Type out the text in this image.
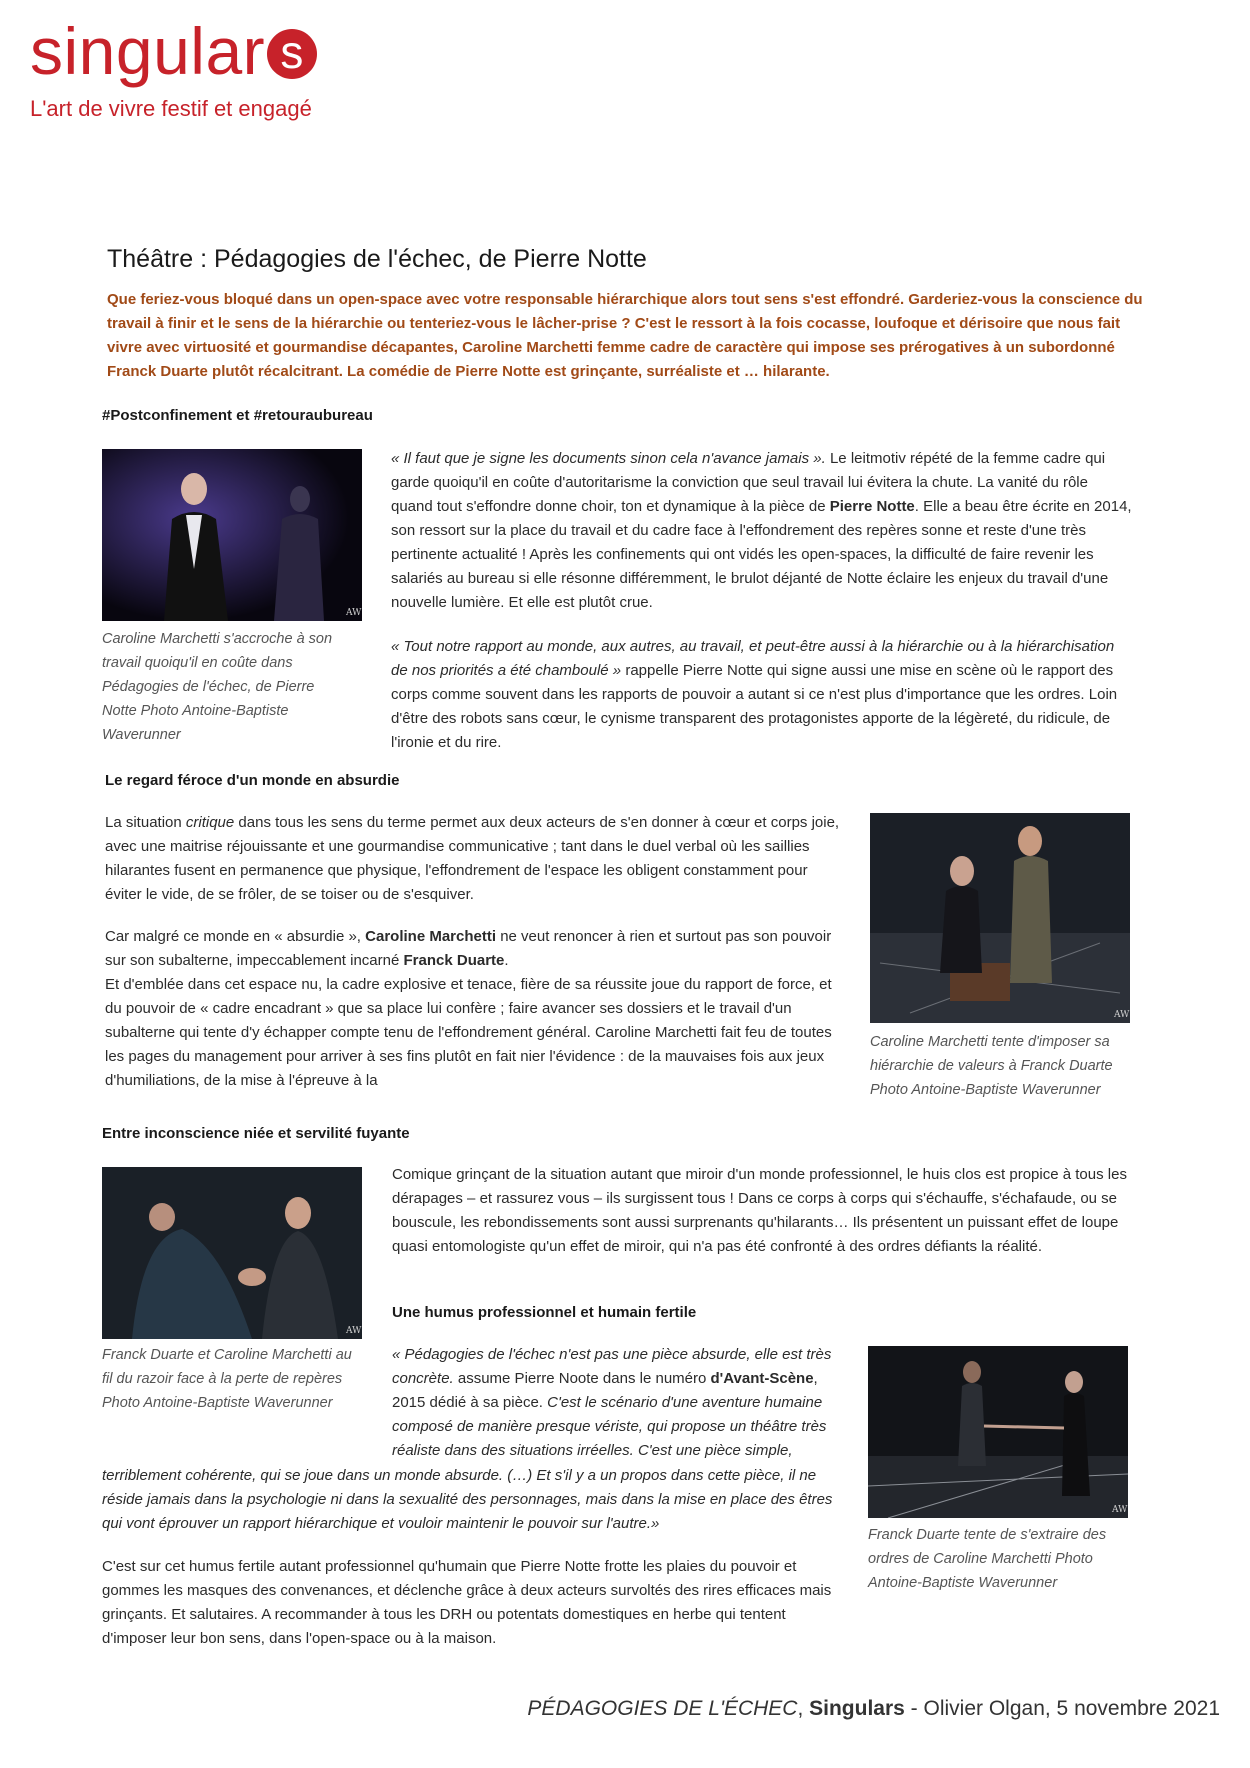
singular s
L'art de vivre festif et engagé
Théâtre : Pédagogies de l'échec, de Pierre Notte

Que feriez-vous bloqué dans un open-space avec votre responsable hiérarchique alors tout sens s'est effondré. Garderiez-vous la conscience du travail à finir et le sens de la hiérarchie ou tenteriez-vous le lâcher-prise ? C'est le ressort à la fois cocasse, loufoque et dérisoire que nous fait vivre avec virtuosité et gourmandise décapantes, Caroline Marchetti femme cadre de caractère qui impose ses prérogatives à un subordonné Franck Duarte plutôt récalcitrant. La comédie de Pierre Notte est grinçante, surréaliste et … hilarante.

#Postconfinement et #retouraubureau
AW

Caroline Marchetti s'accroche à son travail quoiqu'il en coûte dans Pédagogies de l'échec, de Pierre Notte Photo Antoine-Baptiste Waverunner

« Il faut que je signe les documents sinon cela n'avance jamais ». Le leitmotiv répété de la femme cadre qui garde quoiqu'il en coûte d'autoritarisme la conviction que seul travail lui évitera la chute. La vanité du rôle quand tout s'effondre donne choir, ton et dynamique à la pièce de Pierre Notte. Elle a beau être écrite en 2014, son ressort sur la place du travail et du cadre face à l'effondrement des repères sonne et reste d'une très pertinente actualité ! Après les confinements qui ont vidés les open-spaces, la difficulté de faire revenir les salariés au bureau si elle résonne différemment, le brulot déjanté de Notte éclaire les enjeux du travail d'une nouvelle lumière. Et elle est plutôt crue.

« Tout notre rapport au monde, aux autres, au travail, et peut-être aussi à la hiérarchie ou à la hiérarchisation de nos priorités a été chamboulé » rappelle Pierre Notte qui signe aussi une mise en scène où le rapport des corps comme souvent dans les rapports de pouvoir a autant si ce n'est plus d'importance que les ordres. Loin d'être des robots sans cœur, le cynisme transparent des protagonistes apporte de la légèreté, du ridicule, de l'ironie et du rire.

Le regard féroce d'un monde en absurdie

La situation critique dans tous les sens du terme permet aux deux acteurs de s'en donner à cœur et corps joie, avec une maitrise réjouissante et une gourmandise communicative ; tant dans le duel verbal où les saillies hilarantes fusent en permanence que physique, l'effondrement de l'espace les obligent constamment pour éviter le vide, de se frôler, de se toiser ou de s'esquiver.

Car malgré ce monde en « absurdie », Caroline Marchetti ne veut renoncer à rien et surtout pas son pouvoir sur son subalterne, impeccablement incarné Franck Duarte.
Et d'emblée dans cet espace nu, la cadre explosive et tenace, fière de sa réussite joue du rapport de force, et du pouvoir de « cadre encadrant » que sa place lui confère ; faire avancer ses dossiers et le travail d'un subalterne qui tente d'y échapper compte tenu de l'effondrement général. Caroline Marchetti fait feu de toutes les pages du management pour arriver à ses fins plutôt en fait nier l'évidence : de la mauvaises fois aux jeux d'humiliations, de la mise à l'épreuve à la

AW

Caroline Marchetti tente d'imposer sa hiérarchie de valeurs à Franck Duarte Photo Antoine-Baptiste Waverunner

Entre inconscience niée et servilité fuyante
AW

Franck Duarte et Caroline Marchetti au fil du razoir face à la perte de repères Photo Antoine-Baptiste Waverunner

Comique grinçant de la situation autant que miroir d'un monde professionnel, le huis clos est propice à tous les dérapages – et rassurez vous – ils surgissent tous ! Dans ce corps à corps qui s'échauffe, s'échafaude, ou se bouscule, les rebondissements sont aussi surprenants qu'hilarants… Ils présentent un puissant effet de loupe quasi entomologiste qu'un effet de miroir, qui n'a pas été confronté à des ordres défiants la réalité.

Une humus professionnel et humain fertile

« Pédagogies de l'échec n'est pas une pièce absurde, elle est très concrète. assume Pierre Noote dans le numéro d'Avant-Scène, 2015 dédié à sa pièce. C'est le scénario d'une aventure humaine composé de manière presque vériste, qui propose un théâtre très réaliste dans des situations irréelles. C'est une pièce simple,

terriblement cohérente, qui se joue dans un monde absurde. (…) Et s'il y a un propos dans cette pièce, il ne réside jamais dans la psychologie ni dans la sexualité des personnages, mais dans la mise en place des êtres qui vont éprouver un rapport hiérarchique et vouloir maintenir le pouvoir sur l'autre.»

AW

Franck Duarte tente de s'extraire des ordres de Caroline Marchetti Photo Antoine-Baptiste Waverunner

C'est sur cet humus fertile autant professionnel qu'humain que Pierre Notte frotte les plaies du pouvoir et gommes les masques des convenances, et déclenche grâce à deux acteurs survoltés des rires efficaces mais grinçants. Et salutaires. A recommander à tous les DRH ou potentats domestiques en herbe qui tentent d'imposer leur bon sens, dans l'open-space ou à la maison.

PÉDAGOGIES DE L'ÉCHEC, Singulars - Olivier Olgan, 5 novembre 2021
